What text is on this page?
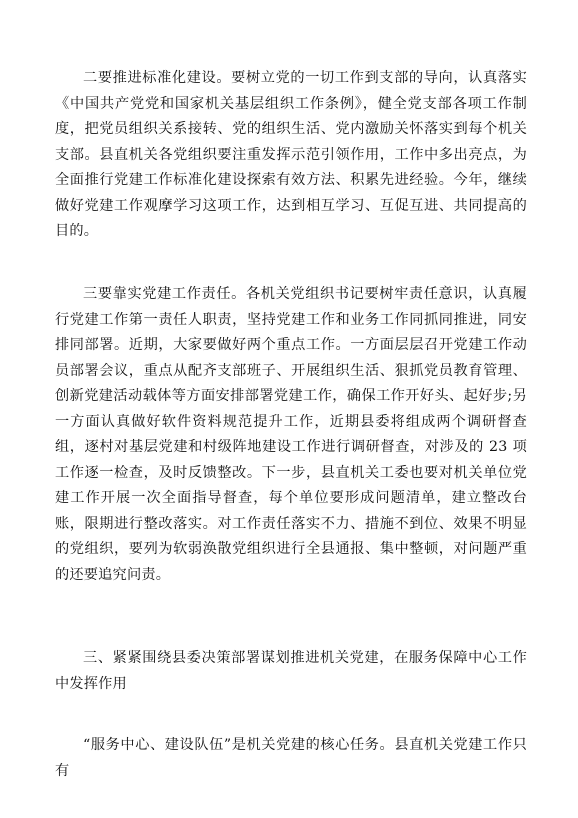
二要推进标准化建设。要树立党的一切工作到支部的导向，认真落实《中国共产党党和国家机关基层组织工作条例》，健全党支部各项工作制度，把党员组织关系接转、党的组织生活、党内激励关怀落实到每个机关支部。县直机关各党组织要注重发挥示范引领作用，工作中多出亮点，为全面推行党建工作标准化建设探索有效方法、积累先进经验。今年，继续做好党建工作观摩学习这项工作，达到相互学习、互促互进、共同提高的目的。

三要靠实党建工作责任。各机关党组织书记要树牢责任意识，认真履行党建工作第一责任人职责，坚持党建工作和业务工作同抓同推进，同安排同部署。近期，大家要做好两个重点工作。一方面层层召开党建工作动员部署会议，重点从配齐支部班子、开展组织生活、狠抓党员教育管理、创新党建活动载体等方面安排部署党建工作，确保工作开好头、起好步;另一方面认真做好软件资料规范提升工作，近期县委将组成两个调研督查组，逐村对基层党建和村级阵地建设工作进行调研督查，对涉及的 23 项工作逐一检查，及时反馈整改。下一步，县直机关工委也要对机关单位党建工作开展一次全面指导督查，每个单位要形成问题清单，建立整改台账，限期进行整改落实。对工作责任落实不力、措施不到位、效果不明显的党组织，要列为软弱涣散党组织进行全县通报、集中整顿，对问题严重的还要追究问责。

三、紧紧围绕县委决策部署谋划推进机关党建，在服务保障中心工作中发挥作用

“服务中心、建设队伍”是机关党建的核心任务。县直机关党建工作只有
